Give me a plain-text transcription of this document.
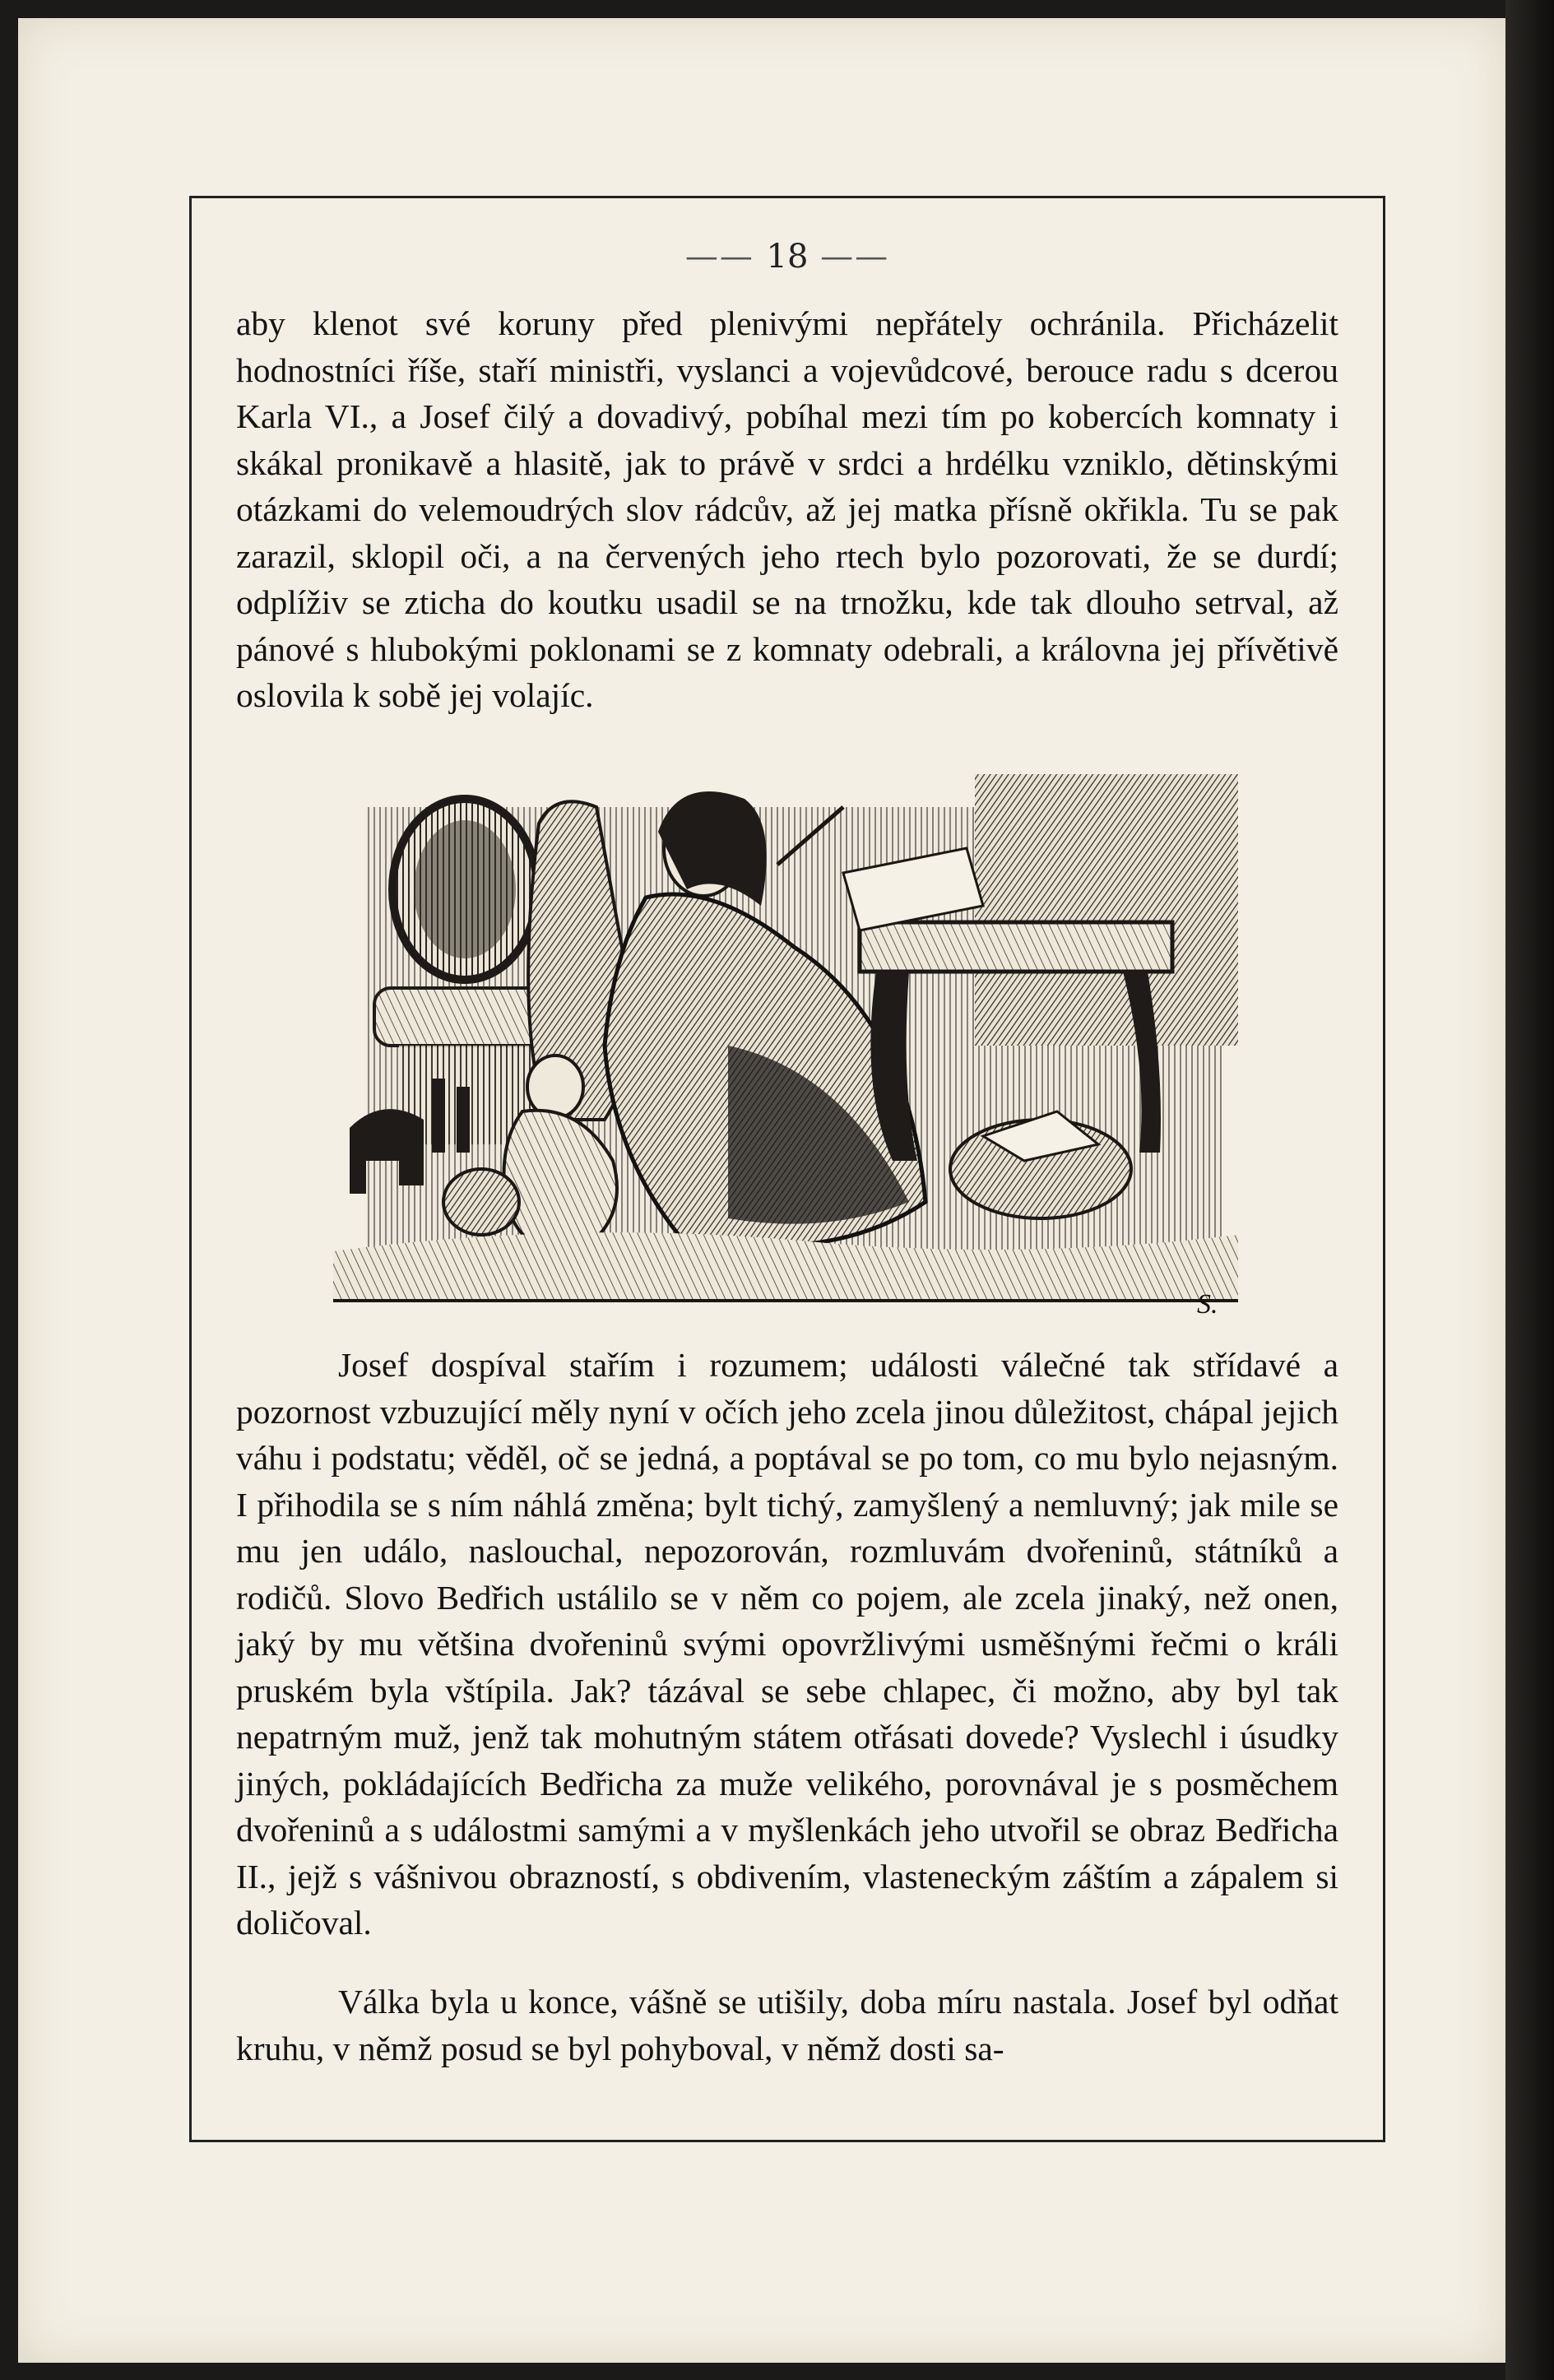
—— 18 ——

aby klenot své koruny před plenivými nepřátely ochránila. Přicházelit hodnostníci říše, staří ministři, vyslanci a vojevůdcové, berouce radu s dcerou Karla VI., a Josef čilý a dovadivý, pobíhal mezi tím po kobercích komnaty i skákal pronikavě a hlasitě, jak to právě v srdci a hrdélku vzniklo, dětinskými otázkami do velemoudrých slov rádcův, až jej matka přísně okřikla. Tu se pak zarazil, sklopil oči, a na červených jeho rtech bylo pozorovati, že se durdí; odplíživ se zticha do koutku usadil se na trnožku, kde tak dlouho setrval, až pánové s hlubokými poklonami se z komnaty odebrali, a královna jej přívětivě oslovila k sobě jej volajíc.

S.

Josef dospíval stařím i rozumem; události válečné tak střídavé a pozornost vzbuzující měly nyní v očích jeho zcela jinou důležitost, chápal jejich váhu i podstatu; věděl, oč se jedná, a poptával se po tom, co mu bylo nejasným. I přihodila se s ním náhlá změna; bylt tichý, zamyšlený a nemluvný; jak mile se mu jen událo, naslouchal, nepozorován, rozmluvám dvořeninů, státníků a rodičů. Slovo Bedřich ustálilo se v něm co pojem, ale zcela jinaký, než onen, jaký by mu většina dvořeninů svými opovržlivými usměšnými řečmi o králi pruském byla vštípila. Jak? tázával se sebe chlapec, či možno, aby byl tak nepatrným muž, jenž tak mohutným státem otřásati dovede? Vyslechl i úsudky jiných, pokládajících Bedřicha za muže velikého, porovnával je s posměchem dvořeninů a s událostmi samými a v myšlenkách jeho utvořil se obraz Bedřicha II., jejž s vášnivou obrazností, s obdivením, vlasteneckým záštím a zápalem si doličoval.

Válka byla u konce, vášně se utišily, doba míru nastala. Josef byl odňat kruhu, v němž posud se byl pohyboval, v němž dosti sa-
